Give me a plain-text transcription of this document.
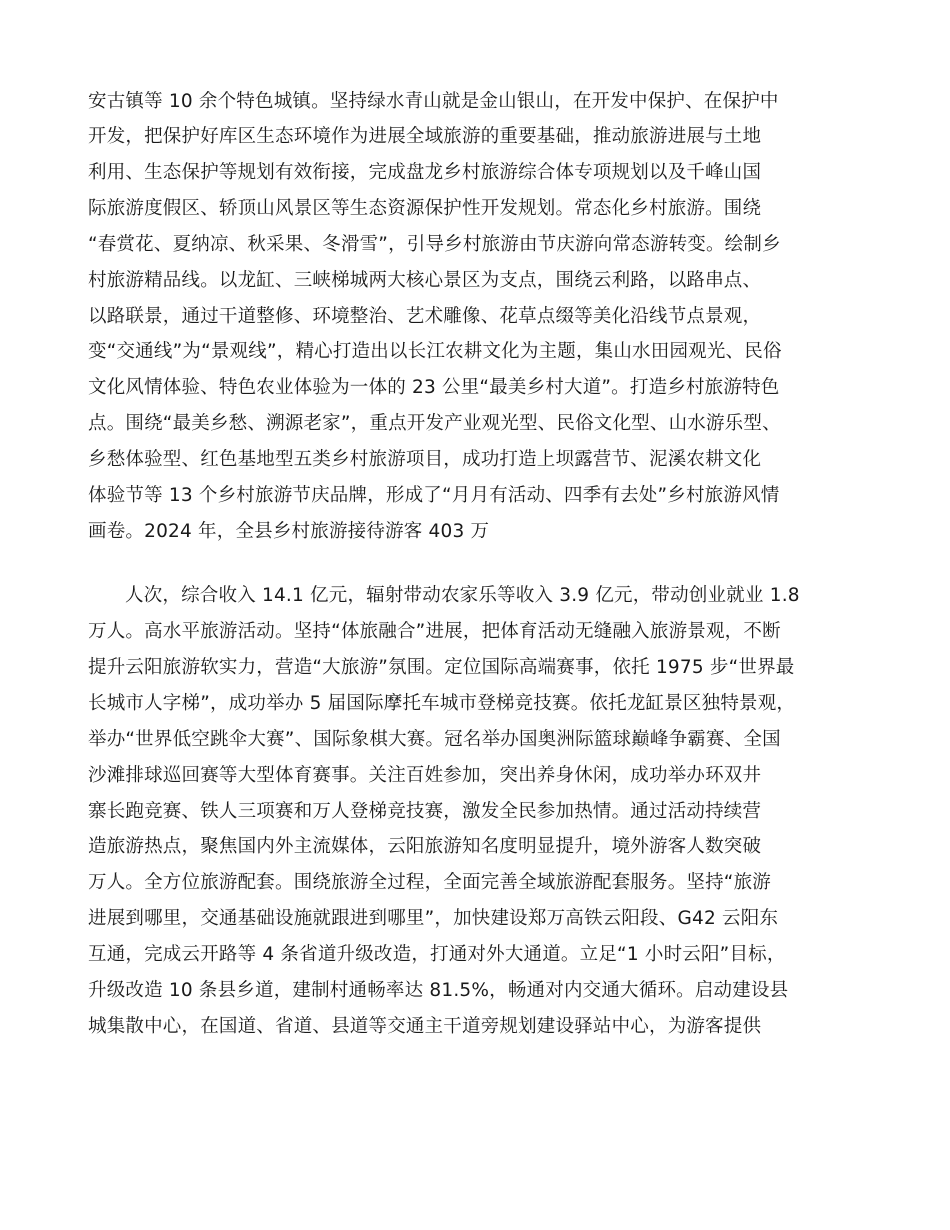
安古镇等 10 余个特色城镇。坚持绿水青山就是金山银山，在开发中保护、在保护中
开发，把保护好库区生态环境作为进展全域旅游的重要基础，推动旅游进展与土地
利用、生态保护等规划有效衔接，完成盘龙乡村旅游综合体专项规划以及千峰山国
际旅游度假区、轿顶山风景区等生态资源保护性开发规划。常态化乡村旅游。围绕
“春赏花、夏纳凉、秋采果、冬滑雪”，引导乡村旅游由节庆游向常态游转变。绘制乡
村旅游精品线。以龙缸、三峡梯城两大核心景区为支点，围绕云利路，以路串点、
以路联景，通过干道整修、环境整治、艺术雕像、花草点缀等美化沿线节点景观，
变“交通线”为“景观线”，精心打造出以长江农耕文化为主题，集山水田园观光、民俗
文化风情体验、特色农业体验为一体的 23 公里“最美乡村大道”。打造乡村旅游特色
点。围绕“最美乡愁、溯源老家”，重点开发产业观光型、民俗文化型、山水游乐型、
乡愁体验型、红色基地型五类乡村旅游项目，成功打造上坝露营节、泥溪农耕文化
体验节等 13 个乡村旅游节庆品牌，形成了“月月有活动、四季有去处”乡村旅游风情
画卷。2024 年，全县乡村旅游接待游客 403 万
人次，综合收入 14.1 亿元，辐射带动农家乐等收入 3.9 亿元，带动创业就业 1.8
万人。高水平旅游活动。坚持“体旅融合”进展，把体育活动无缝融入旅游景观，不断
提升云阳旅游软实力，营造“大旅游”氛围。定位国际高端赛事，依托 1975 步“世界最
长城市人字梯”，成功举办 5 届国际摩托车城市登梯竞技赛。依托龙缸景区独特景观，
举办“世界低空跳伞大赛”、国际象棋大赛。冠名举办国奥洲际篮球巅峰争霸赛、全国
沙滩排球巡回赛等大型体育赛事。关注百姓参加，突出养身休闲，成功举办环双井
寨长跑竞赛、铁人三项赛和万人登梯竞技赛，激发全民参加热情。通过活动持续营
造旅游热点，聚焦国内外主流媒体，云阳旅游知名度明显提升，境外游客人数突破
万人。全方位旅游配套。围绕旅游全过程，全面完善全域旅游配套服务。坚持“旅游
进展到哪里，交通基础设施就跟进到哪里”，加快建设郑万高铁云阳段、G42 云阳东
互通，完成云开路等 4 条省道升级改造，打通对外大通道。立足“1 小时云阳”目标，
升级改造 10 条县乡道，建制村通畅率达 81.5%，畅通对内交通大循环。启动建设县
城集散中心，在国道、省道、县道等交通主干道旁规划建设驿站中心，为游客提供
